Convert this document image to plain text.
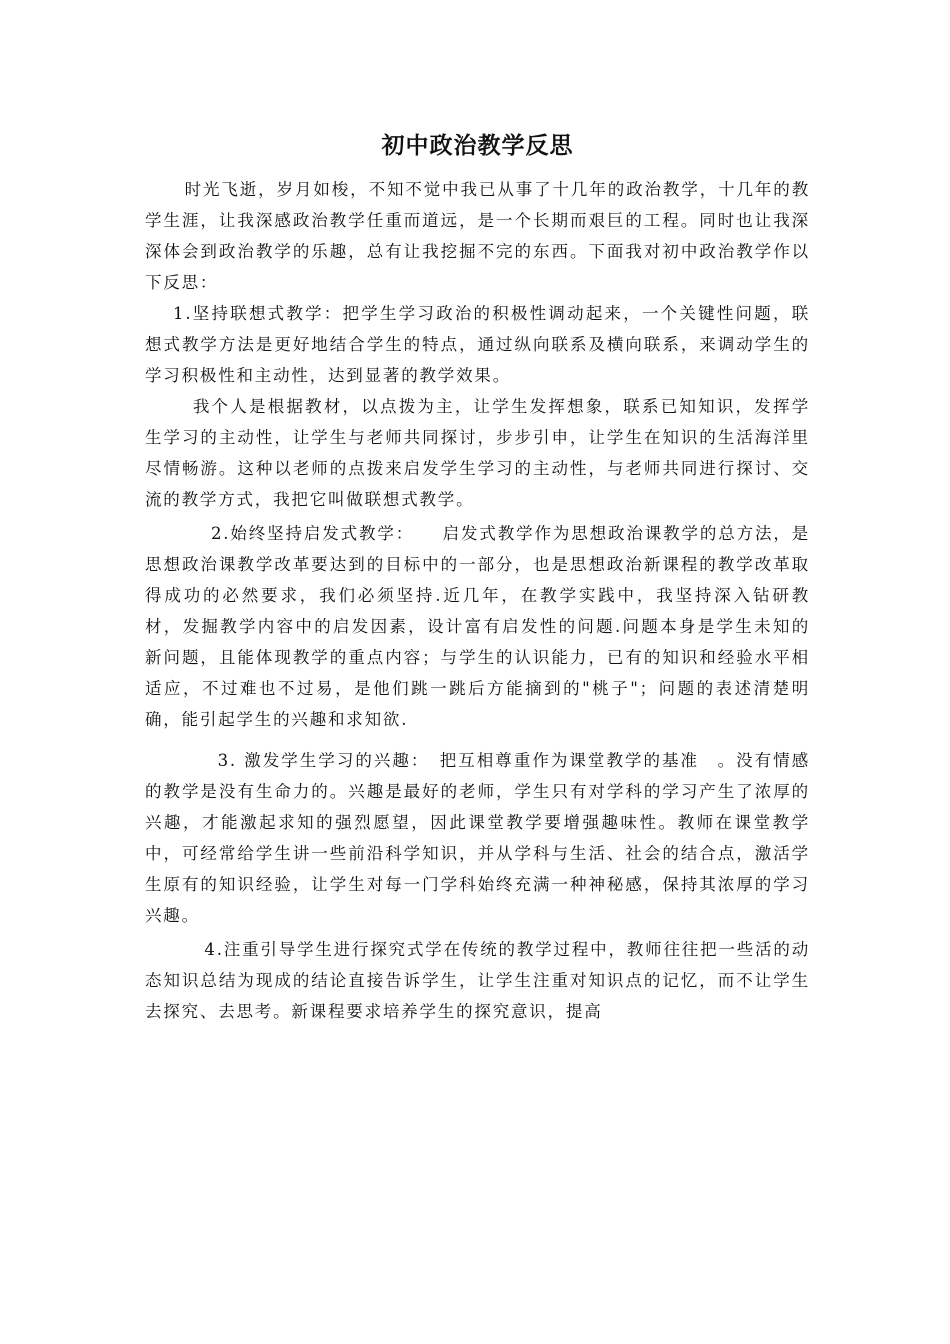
初中政治教学反思

时光飞逝，岁月如梭，不知不觉中我已从事了十几年的政治教学，十几年的教学生涯，让我深感政治教学任重而道远，是一个长期而艰巨的工程。同时也让我深深体会到政治教学的乐趣，总有让我挖掘不完的东西。下面我对初中政治教学作以下反思：

1.坚持联想式教学：把学生学习政治的积极性调动起来，一个关键性问题，联想式教学方法是更好地结合学生的特点，通过纵向联系及横向联系，来调动学生的学习积极性和主动性，达到显著的教学效果。

我个人是根据教材，以点拨为主，让学生发挥想象，联系已知知识，发挥学生学习的主动性，让学生与老师共同探讨，步步引申，让学生在知识的生活海洋里尽情畅游。这种以老师的点拨来启发学生学习的主动性，与老师共同进行探讨、交流的教学方式，我把它叫做联想式教学。

2.始终坚持启发式教学：　　启发式教学作为思想政治课教学的总方法，是思想政治课教学改革要达到的目标中的一部分，也是思想政治新课程的教学改革取得成功的必然要求，我们必须坚持.近几年，在教学实践中，我坚持深入钻研教材，发掘教学内容中的启发因素，设计富有启发性的问题.问题本身是学生未知的新问题，且能体现教学的重点内容；与学生的认识能力，已有的知识和经验水平相适应，不过难也不过易，是他们跳一跳后方能摘到的"桃子"；问题的表述清楚明确，能引起学生的兴趣和求知欲.

3. 激发学生学习的兴趣：　把互相尊重作为课堂教学的基准　。没有情感的教学是没有生命力的。兴趣是最好的老师，学生只有对学科的学习产生了浓厚的兴趣，才能激起求知的强烈愿望，因此课堂教学要增强趣味性。教师在课堂教学中，可经常给学生讲一些前沿科学知识，并从学科与生活、社会的结合点，激活学生原有的知识经验，让学生对每一门学科始终充满一种神秘感，保持其浓厚的学习兴趣。

4.注重引导学生进行探究式学在传统的教学过程中，教师往往把一些活的动态知识总结为现成的结论直接告诉学生，让学生注重对知识点的记忆，而不让学生去探究、去思考。新课程要求培养学生的探究意识，提高
